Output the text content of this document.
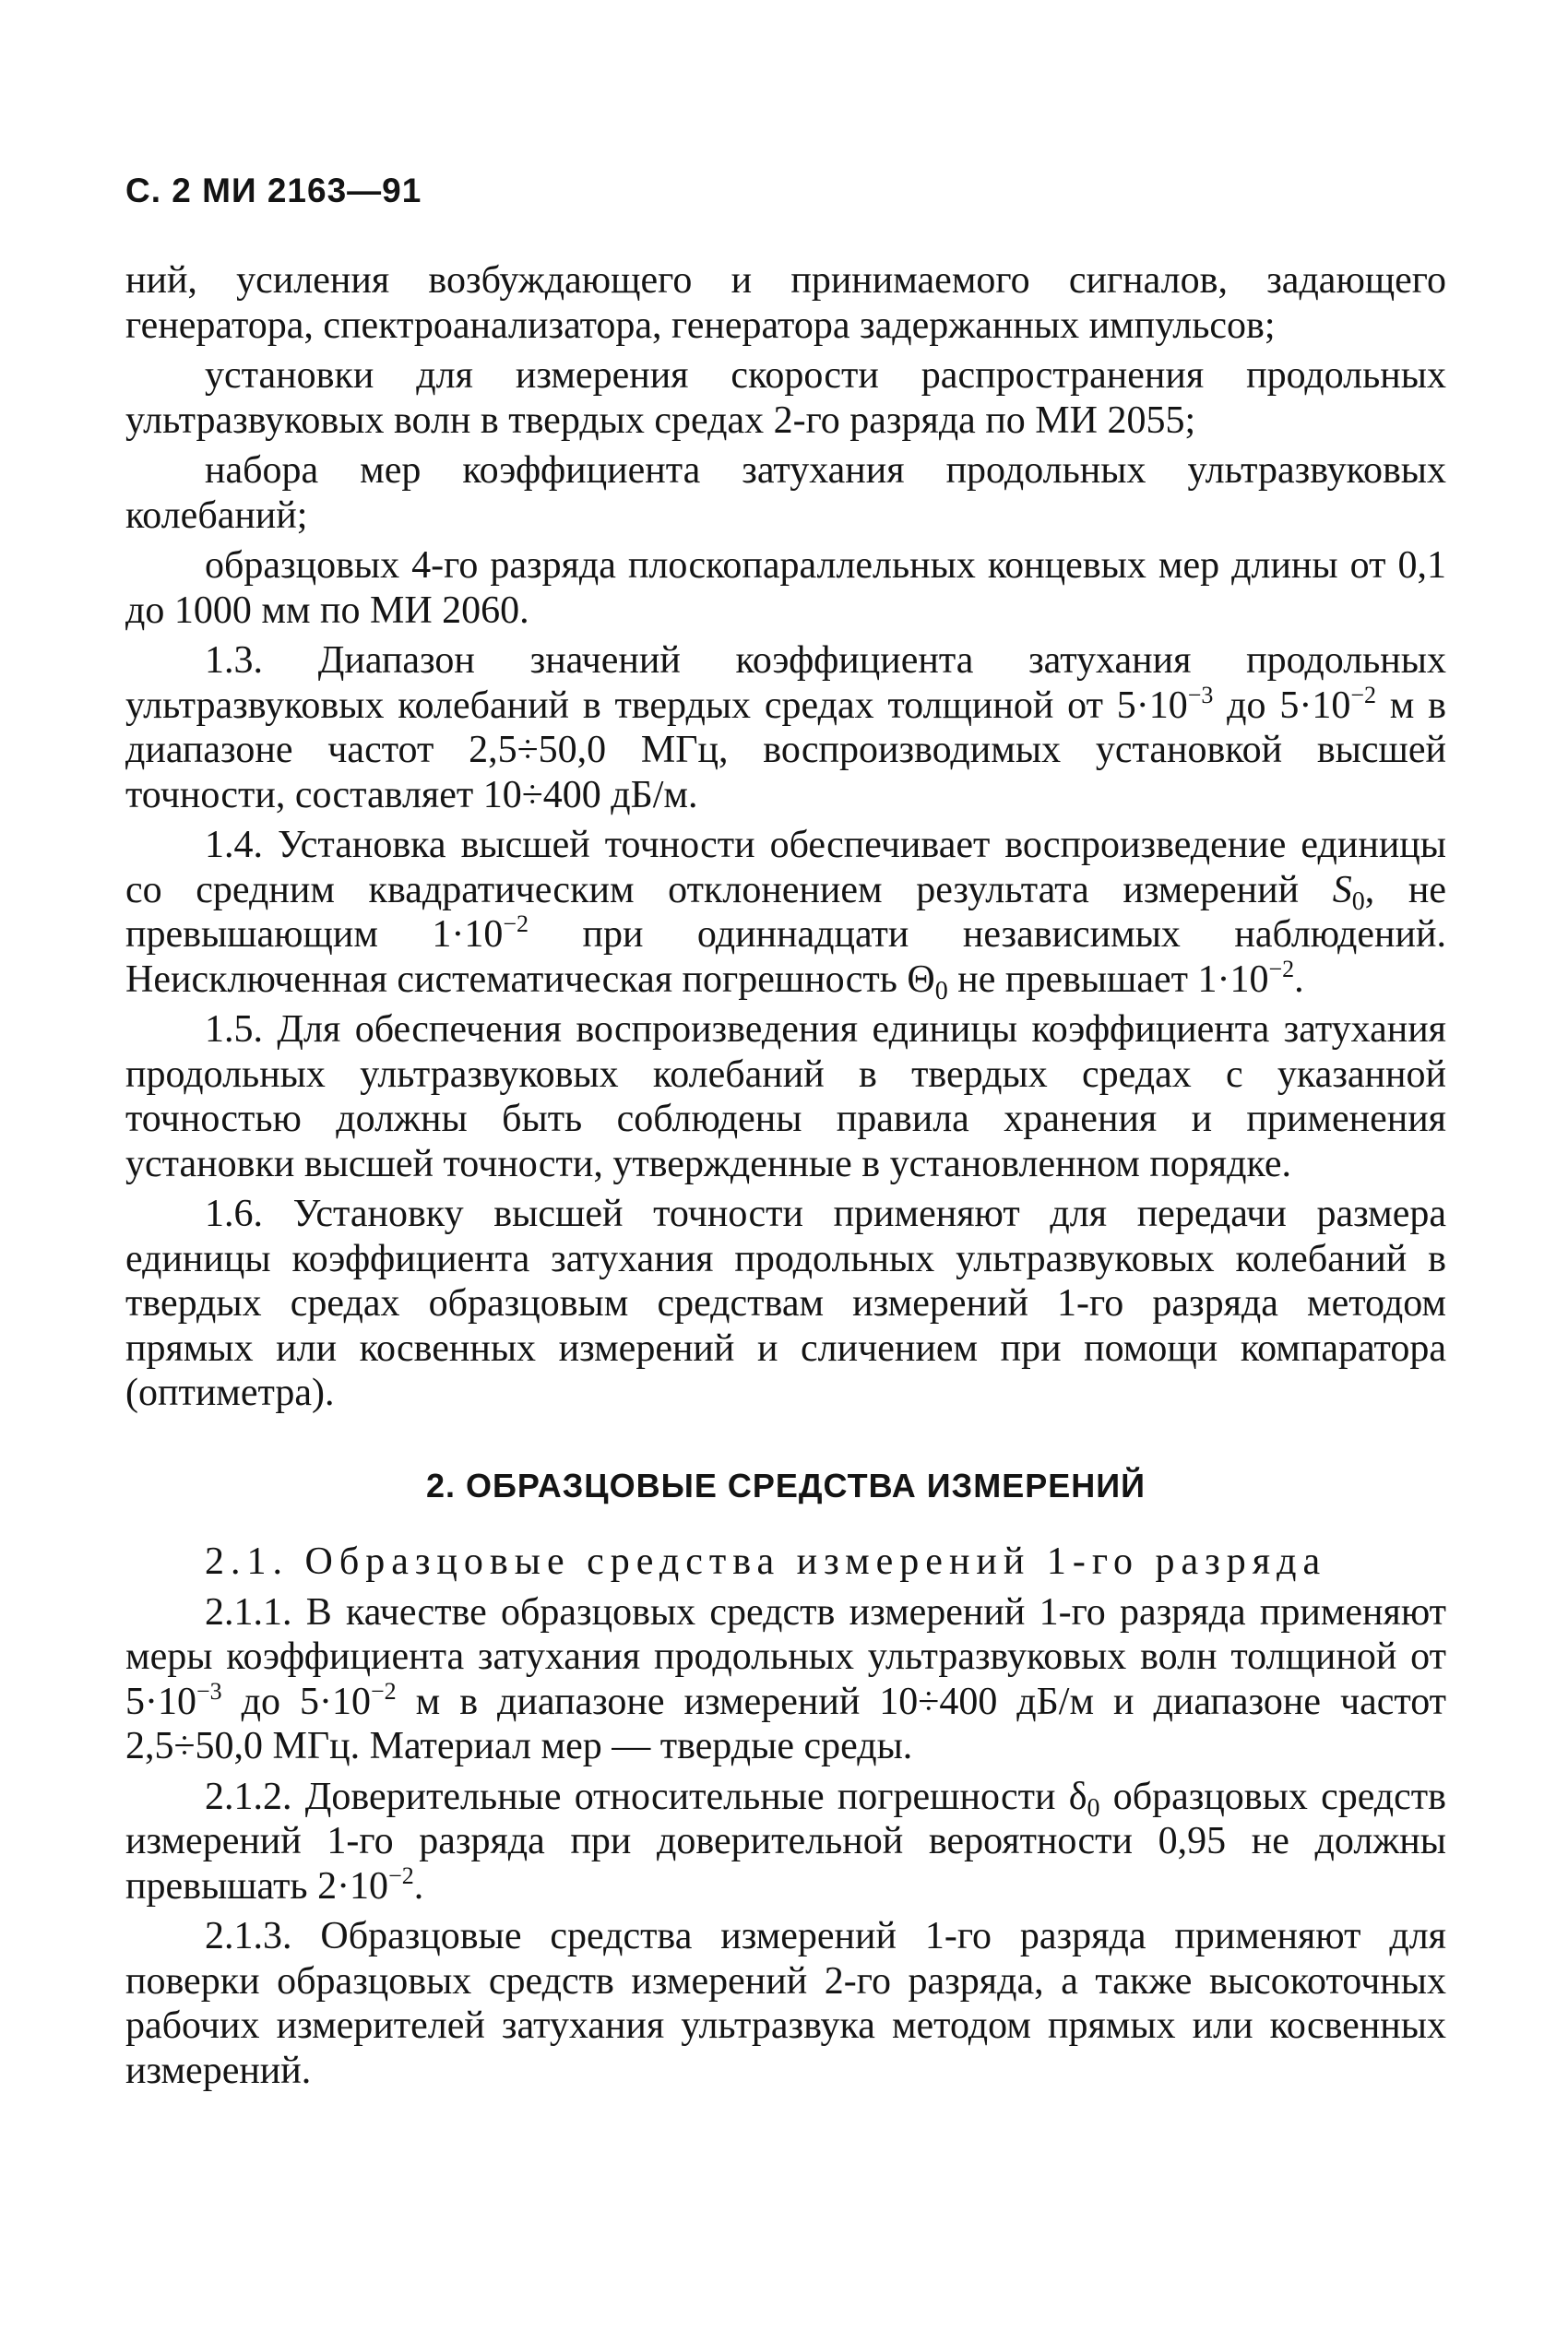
С. 2 МИ 2163—91

ний, усиления возбуждающего и принимаемого сигналов, задающего генератора, спектроанализатора, генератора задержанных импульсов;

установки для измерения скорости распространения продольных ультразвуковых волн в твердых средах 2-го разряда по МИ 2055;

набора мер коэффициента затухания продольных ультразвуковых колебаний;

образцовых 4-го разряда плоскопараллельных концевых мер длины от 0,1 до 1000 мм по МИ 2060.

1.3. Диапазон значений коэффициента затухания продольных ультразвуковых колебаний в твердых средах толщиной от $5\cdot 10^{-3}$ до $5\cdot 10^{-2}$ м в диапазоне частот 2,5÷50,0 МГц, воспроизводимых установкой высшей точности, составляет 10÷400 дБ/м.

1.4. Установка высшей точности обеспечивает воспроизведение единицы со средним квадратическим отклонением результата измерений $S_0$, не превышающим $1\cdot 10^{-2}$ при одиннадцати независимых наблюдений. Неисключенная систематическая погрешность $\Theta_0$ не превышает $1\cdot 10^{-2}$.

1.5. Для обеспечения воспроизведения единицы коэффициента затухания продольных ультразвуковых колебаний в твердых средах с указанной точностью должны быть соблюдены правила хранения и применения установки высшей точности, утвержденные в установленном порядке.

1.6. Установку высшей точности применяют для передачи размера единицы коэффициента затухания продольных ультразвуковых колебаний в твердых средах образцовым средствам измерений 1-го разряда методом прямых или косвенных измерений и сличением при помощи компаратора (оптиметра).

2. ОБРАЗЦОВЫЕ СРЕДСТВА ИЗМЕРЕНИЙ

2.1. Образцовые средства измерений 1-го разряда

2.1.1. В качестве образцовых средств измерений 1-го разряда применяют меры коэффициента затухания продольных ультразвуковых волн толщиной от $5\cdot 10^{-3}$ до $5\cdot 10^{-2}$ м в диапазоне измерений 10÷400 дБ/м и диапазоне частот 2,5÷50,0 МГц. Материал мер — твердые среды.

2.1.2. Доверительные относительные погрешности $\delta_0$ образцовых средств измерений 1-го разряда при доверительной вероятности 0,95 не должны превышать $2\cdot 10^{-2}$.

2.1.3. Образцовые средства измерений 1-го разряда применяют для поверки образцовых средств измерений 2-го разряда, а также высокоточных рабочих измерителей затухания ультразвука методом прямых или косвенных измерений.
